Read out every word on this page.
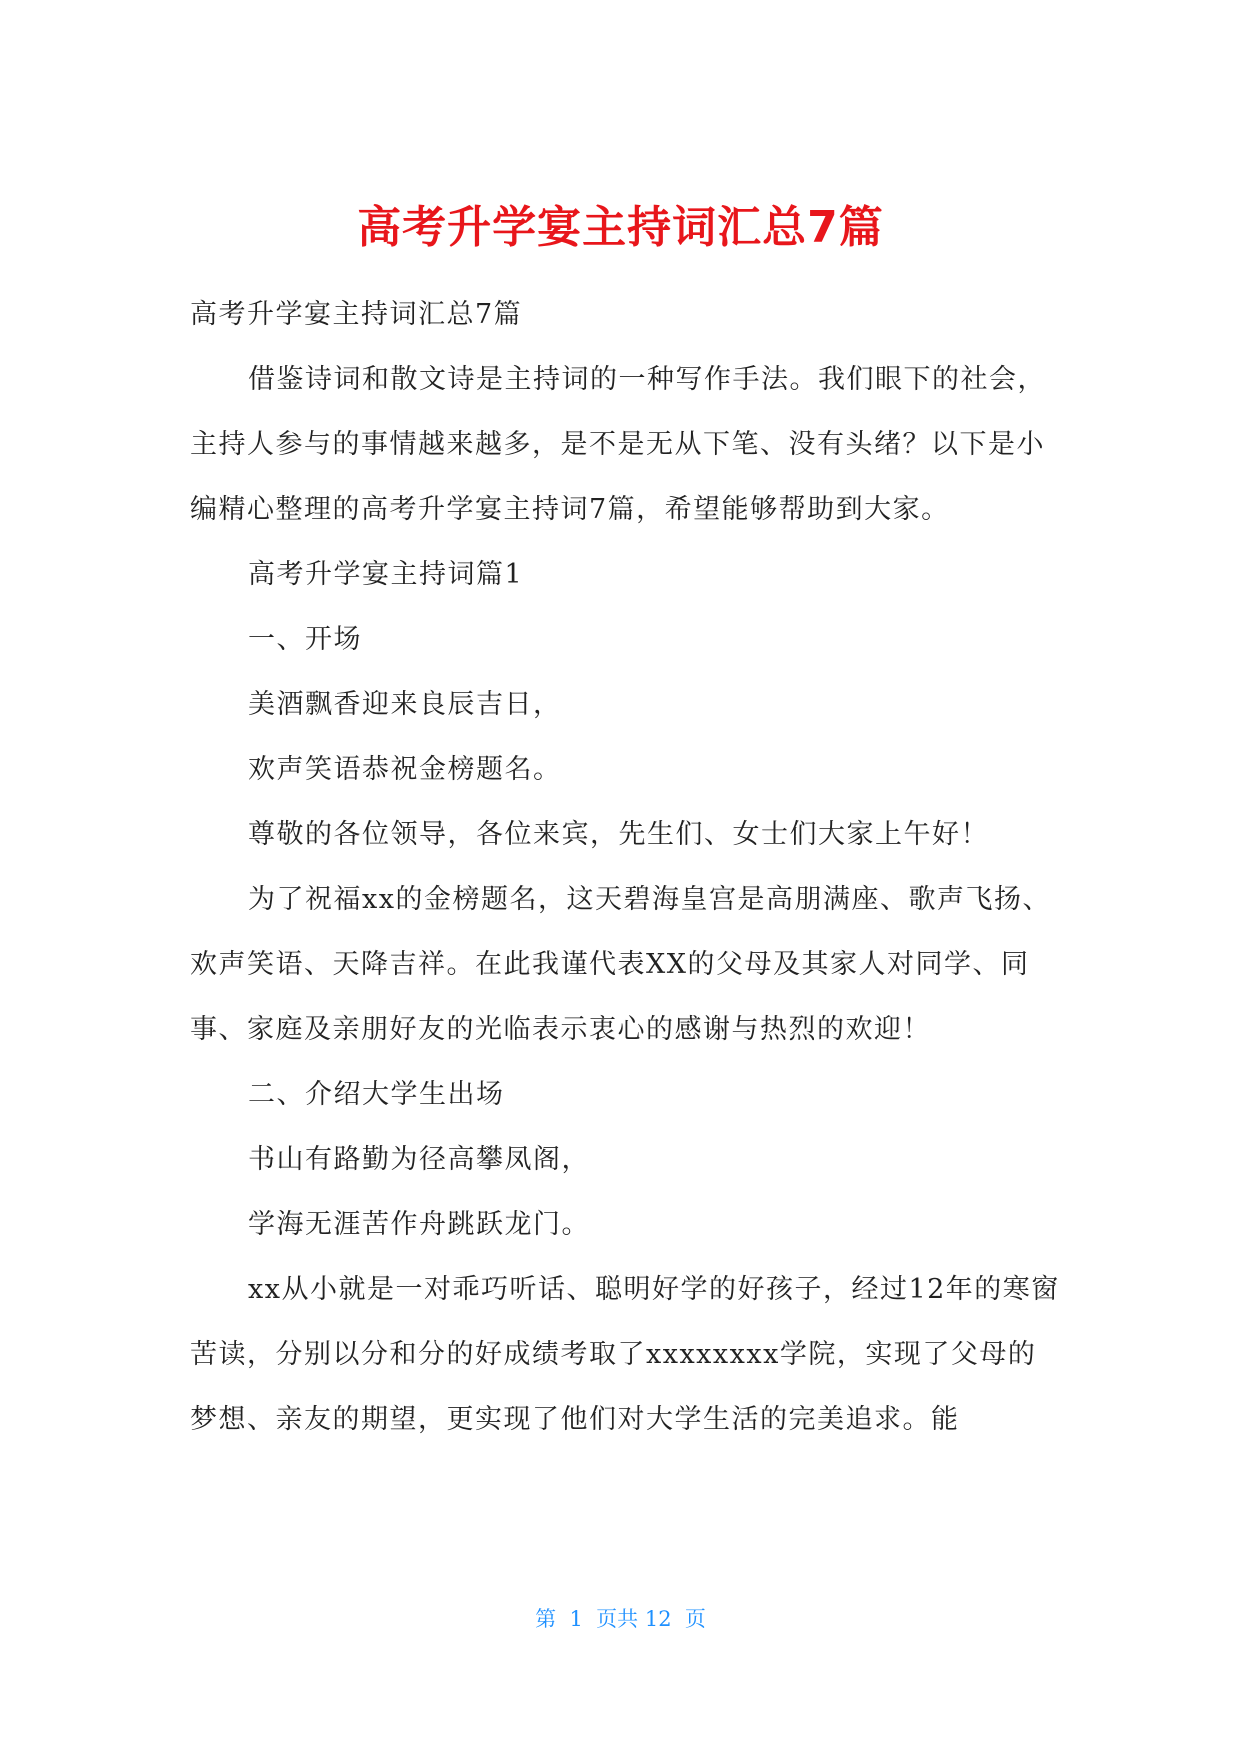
高考升学宴主持词汇总7篇

高考升学宴主持词汇总7篇

借鉴诗词和散文诗是主持词的一种写作手法。我们眼下的社会，主持人参与的事情越来越多，是不是无从下笔、没有头绪？以下是小编精心整理的高考升学宴主持词7篇，希望能够帮助到大家。

高考升学宴主持词篇1

一、开场

美酒飘香迎来良辰吉日，

欢声笑语恭祝金榜题名。

尊敬的各位领导，各位来宾，先生们、女士们大家上午好！

为了祝福xx的金榜题名，这天碧海皇宫是高朋满座、歌声飞扬、欢声笑语、天降吉祥。在此我谨代表XX的父母及其家人对同学、同事、家庭及亲朋好友的光临表示衷心的感谢与热烈的欢迎！

二、介绍大学生出场

书山有路勤为径高攀凤阁，

学海无涯苦作舟跳跃龙门。

xx从小就是一对乖巧听话、聪明好学的好孩子，经过12年的寒窗苦读，分别以分和分的好成绩考取了xxxxxxxx学院，实现了父母的梦想、亲友的期望，更实现了他们对大学生活的完美追求。能

第  1  页共 12  页
